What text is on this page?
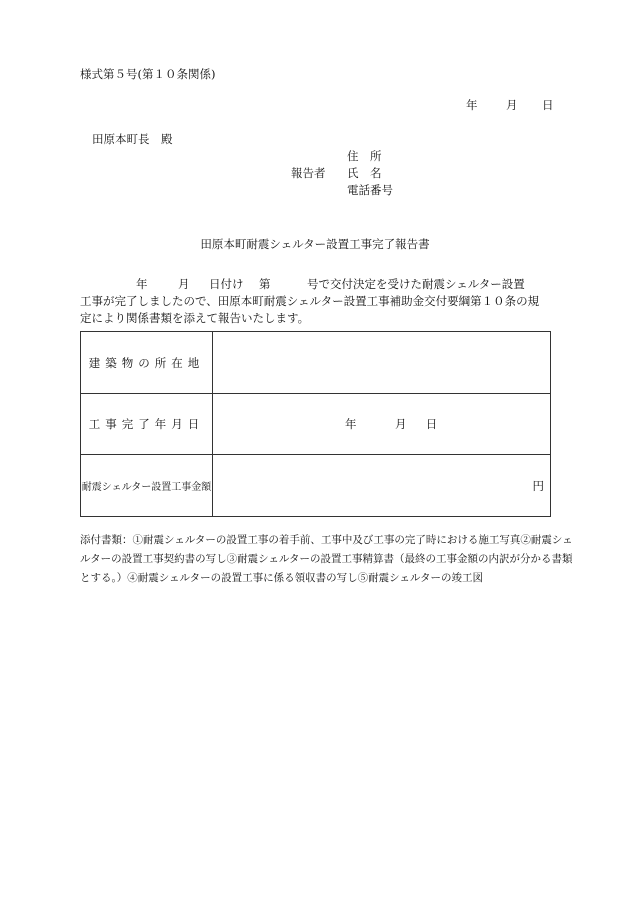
様式第５号(第１０条関係)
年 月 日
田原本町長　殿
報告者
住　所
氏　名
電話番号
田原本町耐震シェルター設置工事完了報告書
年	月 日付け 第	号で交付決定を受けた耐震シェルター設置
工事が完了しましたので、田原本町耐震シェルター設置工事補助金交付要綱第１０条の規
定により関係書類を添えて報告いたします。
建築物の所在地	
工事完了年月日	年 月 日
耐震シェルター設置工事金額	円
添付書類：①耐震シェルターの設置工事の着手前、工事中及び工事の完了時における施工写真②耐震シェ
ルターの設置工事契約書の写し③耐震シェルターの設置工事精算書（最終の工事金額の内訳が分かる書類
とする。）④耐震シェルターの設置工事に係る領収書の写し⑤耐震シェルターの竣工図
